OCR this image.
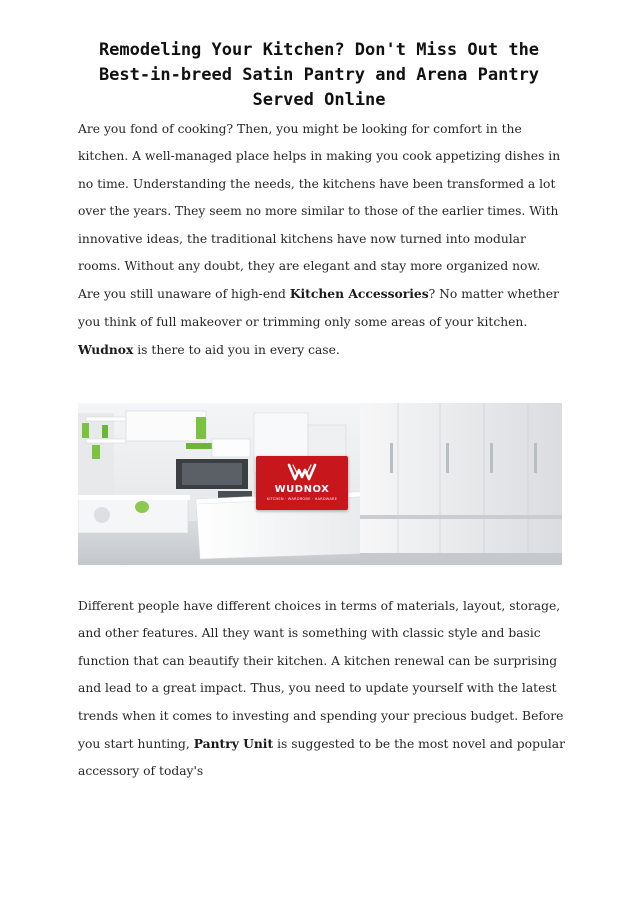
Remodeling Your Kitchen? Don't Miss Out the Best-in-breed Satin Pantry and Arena Pantry Served Online

Are you fond of cooking? Then, you might be looking for comfort in the kitchen. A well-managed place helps in making you cook appetizing dishes in no time. Understanding the needs, the kitchens have been transformed a lot over the years. They seem no more similar to those of the earlier times. With innovative ideas, the traditional kitchens have now turned into modular rooms. Without any doubt, they are elegant and stay more organized now. Are you still unaware of high-end Kitchen Accessories? No matter whether you think of full makeover or trimming only some areas of your kitchen. Wudnox is there to aid you in every case.

WUDNOX
KITCHEN · WARDROBE · HARDWARE

Different people have different choices in terms of materials, layout, storage, and other features. All they want is something with classic style and basic function that can beautify their kitchen. A kitchen renewal can be surprising and lead to a great impact. Thus, you need to update yourself with the latest trends when it comes to investing and spending your precious budget. Before you start hunting, Pantry Unit is suggested to be the most novel and popular accessory of today's
